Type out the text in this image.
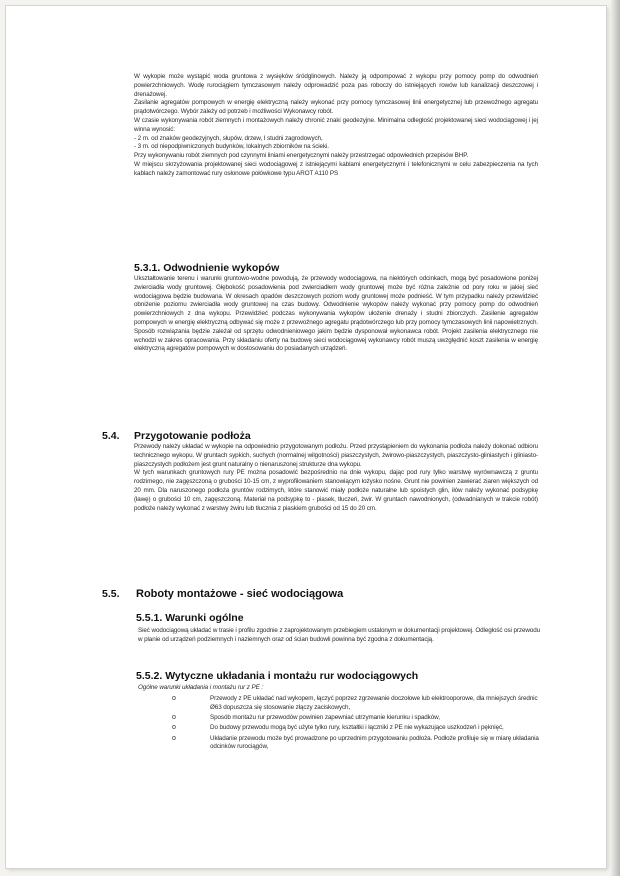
W wykopie może wystąpić woda gruntowa z wysięków śródglinowych. Należy ją odpompować z wykopu przy pomocy pomp do odwodnień powierzchniowych. Wodę rurociągiem tymczasowym należy odprowadzić poza pas roboczy do istniejących rowów lub kanalizacji deszczowej i drenażowej.

Zasilanie agregatów pompowych w energię elektryczną należy wykonać przy pomocy tymczasowej linii energetycznej lub przewoźnego agregatu prądotwórczego. Wybór zależy od potrzeb i możliwości Wykonawcy robót.

W czasie wykonywania robót ziemnych i montażowych należy chronić znaki geodezyjne. Minimalna odległość projektowanej sieci wodociągowej i jej winna wynosić:

- 2 m. od znaków geodezyjnych, słupów, drzew, I studni zagrodowych,

- 3 m. od niepodpiwniczonych budynków, lokalnych zbiorników na ścieki.

Przy wykonywaniu robót ziemnych pod czynnymi liniami energetycznymi należy przestrzegać odpowiednich przepisów BHP.

W miejscu skrzyżowania projektowanej sieci wodociągowej z istniejącymi kablami energetycznymi i telefonicznymi w celu zabezpieczenia na tych kablach należy zamontować rury osłonowe połówkowe typu AROT A110 PS

5.3.1. Odwodnienie wykopów

Ukształtowanie terenu i warunki gruntowo-wodne powodują, że przewody wodociągowa, na niektórych odcinkach, mogą być posadowione poniżej zwierciadła wody gruntowej. Głębokość posadowienia pod zwierciadłem wody gruntowej może być różna zależnie od pory roku w jakiej sieć wodociągowa będzie budowana. W okresach opadów deszczowych poziom wody gruntowej może podnieść. W tym przypadku należy przewidzieć obniżenie poziomu zwierciadła wody gruntowej na czas budowy. Odwodnienie wykopów należy wykonać przy pomocy pomp do odwodnień powierzchniowych z dna wykopu. Przewidzieć podczas wykonywania wykopów ułożenie drenaży i studni zbiorczych. Zasilenie agregatów pompowych w energię elektryczną odbywać się może z przewoźnego agregatu prądotwórczego lub przy pomocy tymczasowych linii napowietrznych. Sposób rozwiązania będzie zależał od sprzętu odwodnieniowego jakim będzie dysponował wykonawca robót. Projekt zasilenia elektrycznego nie wchodzi w zakres opracowania. Przy składaniu oferty na budowę sieci wodociągowej wykonawcy robót muszą uwzględnić koszt zasilenia w energię elektryczną agregatów pompowych w dostosowaniu do posiadanych urządzeń.

5.4. Przygotowanie podłoża

Przewody należy układać w wykopie na odpowiednio przygotowanym podłożu. Przed przystąpieniem do wykonania podłoża należy dokonać odbioru technicznego wykopu. W gruntach sypkich, suchych (normalnej wilgotności) piaszczystych, żwirowo-piaszczystych, piaszczysto-gliniastych i gliniasto-piaszczystych podłożem jest grunt naturalny o nienaruszonej strukturze dna wykopu.

W tych warunkach gruntowych rury PE można posadowić bezpośrednio na dnie wykopu, dając pod rury tylko warstwę wyrównawczą z gruntu rodzimego, nie zagęszczoną o grubości 10-15 cm, z wyprofilowaniem stanowiącym łożysko nośne. Grunt nie powinien zawierać ziaren większych od 20 mm. Dla naruszonego podłoża gruntów rodzimych, które stanowić miały podłoże naturalne lub spoistych glin, iłów należy wykonać podsypkę (ławę) o grubości 10 cm, zagęszczoną. Materiał na podsypkę to - piasek, tłuczeń, żwir. W gruntach nawodnionych, (odwadnianych w trakcie robót) podłoże należy wykonać z warstwy żwiru lub tłucznia z piaskiem grubości od 15 do 20 cm.

5.5. Roboty montażowe - sieć wodociągowa
5.5.1. Warunki ogólne

Sieć wodociągową układać w trasie i profilu zgodnie z zaprojektowanym przebiegiem ustalonym w dokumentacji projektowej. Odległość osi przewodu w planie od urządzeń podziemnych i naziemnych oraz od ścian budowli powinna być zgodna z dokumentacją.

5.5.2. Wytyczne układania i montażu rur wodociągowych
Ogólne warunki układania i montażu rur z PE :
o	Przewody z PE układać nad wykopem, łączyć poprzez zgrzewanie doczołowe lub elektrooporowe, dla mniejszych średnic Ø63 dopuszcza się stosowanie złączy zaciskowych,
o	Sposób montażu rur przewodów powinien zapewniać utrzymanie kierunku i spadków,
o	Do budowy przewodu mogą być użyte tylko rury, kształtki i łączniki z PE nie wykazujące uszkodzeń i pęknięć,
o	Układanie przewodu może być prowadzone po uprzednim przygotowaniu podłoża. Podłoże profiluje się w miarę układania odcinków rurociągów,
